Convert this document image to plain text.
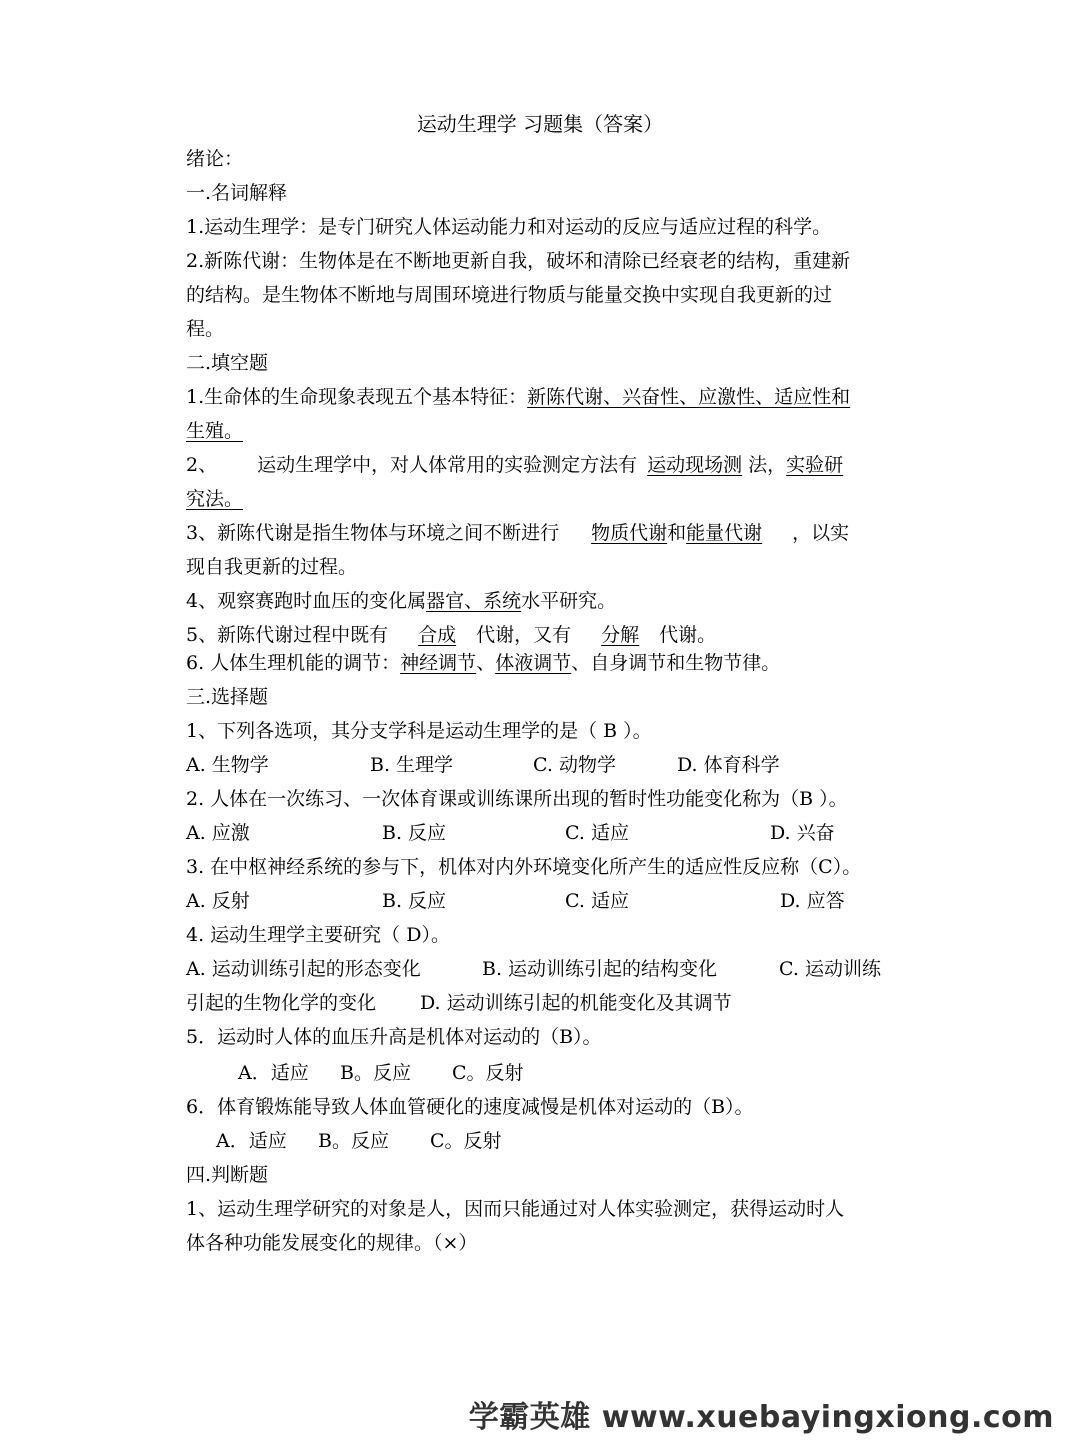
运动生理学 习题集（答案）
绪论：
一.名词解释
1.运动生理学：是专门研究人体运动能力和对运动的反应与适应过程的科学。
2.新陈代谢：生物体是在不断地更新自我，破坏和清除已经衰老的结构，重建新
的结构。是生物体不断地与周围环境进行物质与能量交换中实现自我更新的过
程。
二.填空题
1.生命体的生命现象表现五个基本特征：新陈代谢、兴奋性、应激性、适应性和
生殖。
2、 运动生理学中，对人体常用的实验测定方法有 运动现场测 法，实验研
究法。
3、新陈代谢是指生物体与环境之间不断进行 物质代谢和能量代谢 ，以实
现自我更新的过程。
4、观察赛跑时血压的变化属器官、系统水平研究。
5、新陈代谢过程中既有 合成 代谢，又有 分解 代谢。
6. 人体生理机能的调节：神经调节、体液调节、自身调节和生物节律。
三.选择题
1、下列各选项，其分支学科是运动生理学的是（ B ）。
A. 生物学	B. 生理学	C. 动物学	D. 体育科学
2. 人体在一次练习、一次体育课或训练课所出现的暂时性功能变化称为（B ）。
A. 应激	B. 反应	C. 适应	D. 兴奋
3. 在中枢神经系统的参与下，机体对内外环境变化所产生的适应性反应称（C）。
A. 反射	B. 反应	C. 适应	D. 应答
4. 运动生理学主要研究（ D）。
A. 运动训练引起的形态变化	B. 运动训练引起的结构变化	C. 运动训练
引起的生物化学的变化 D. 运动训练引起的机能变化及其调节
5．运动时人体的血压升高是机体对运动的（B）。
A．适应 B。反应 C。反射
6．体育锻炼能导致人体血管硬化的速度减慢是机体对运动的（B）。
A．适应 B。反应 C。反射
四.判断题
1、运动生理学研究的对象是人，因而只能通过对人体实验测定，获得运动时人
体各种功能发展变化的规律。（×）
学霸英雄 www.xuebayingxiong.com
